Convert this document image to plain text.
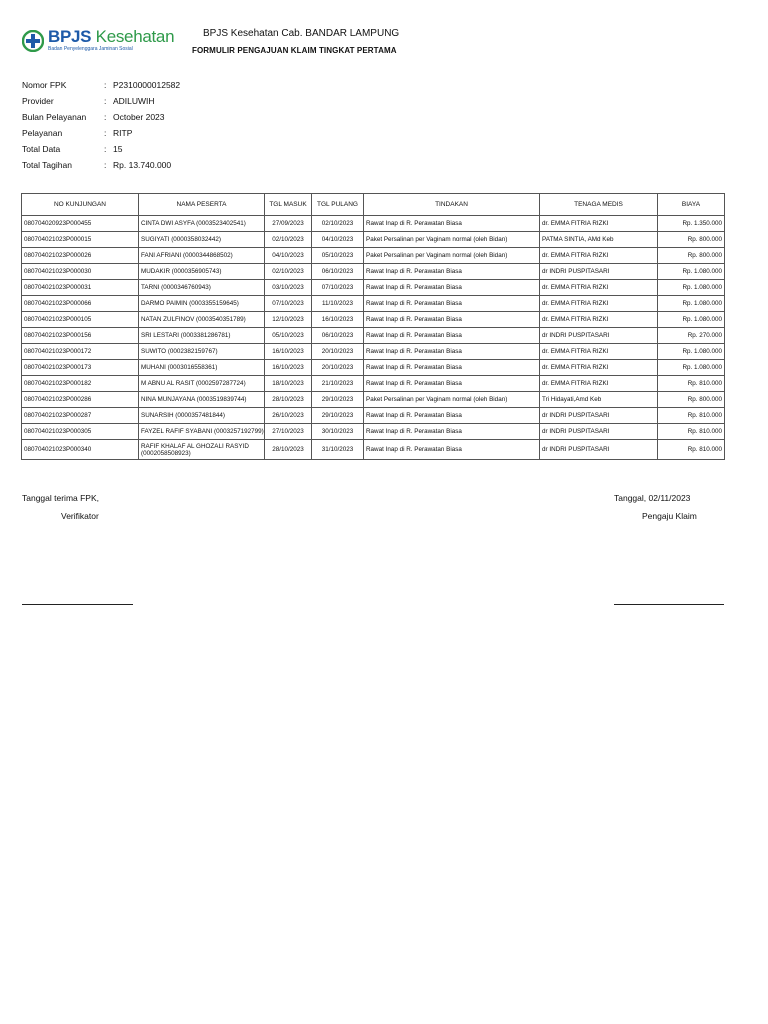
BPJS Kesehatan
Badan Penyelenggara Jaminan Sosial
BPJS Kesehatan Cab. BANDAR LAMPUNG
FORMULIR PENGAJUAN KLAIM TINGKAT PERTAMA
Nomor FPK	: P2310000012582
Provider	: ADILUWIH
Bulan Pelayanan : October 2023
Pelayanan	: RITP
Total Data	: 15
Total Tagihan	: Rp. 13.740.000
NO KUNJUNGAN	NAMA PESERTA	TGL MASUK	TGL PULANG	TINDAKAN	TENAGA MEDIS	BIAYA
080704020923P000455	CINTA DWI ASYFA (0003523402541)	27/09/2023	02/10/2023	Rawat Inap di R. Perawatan Biasa	dr. EMMA FITRIA RIZKI	Rp. 1.350.000
080704021023P000015	SUGIYATI (0000358032442)	02/10/2023	04/10/2023	Paket Persalinan per Vaginam normal (oleh Bidan)	PATMA SINTIA, AMd Keb	Rp. 800.000
080704021023P000026	FANI AFRIANI (0000344868502)	04/10/2023	05/10/2023	Paket Persalinan per Vaginam normal (oleh Bidan)	dr. EMMA FITRIA RIZKI	Rp. 800.000
080704021023P000030	MUDAKIR (0000356905743)	02/10/2023	06/10/2023	Rawat Inap di R. Perawatan Biasa	dr INDRI PUSPITASARI	Rp. 1.080.000
080704021023P000031	TARNI (0000346760943)	03/10/2023	07/10/2023	Rawat Inap di R. Perawatan Biasa	dr. EMMA FITRIA RIZKI	Rp. 1.080.000
080704021023P000066	DARMO PAIMIN (0003355159645)	07/10/2023	11/10/2023	Rawat Inap di R. Perawatan Biasa	dr. EMMA FITRIA RIZKI	Rp. 1.080.000
080704021023P000105	NATAN ZULFINOV (0003540351789)	12/10/2023	16/10/2023	Rawat Inap di R. Perawatan Biasa	dr. EMMA FITRIA RIZKI	Rp. 1.080.000
080704021023P000156	SRI LESTARI (0003381286781)	05/10/2023	06/10/2023	Rawat Inap di R. Perawatan Biasa	dr INDRI PUSPITASARI	Rp. 270.000
080704021023P000172	SUWITO (0002382159767)	16/10/2023	20/10/2023	Rawat Inap di R. Perawatan Biasa	dr. EMMA FITRIA RIZKI	Rp. 1.080.000
080704021023P000173	MUHANI (0003016558361)	16/10/2023	20/10/2023	Rawat Inap di R. Perawatan Biasa	dr. EMMA FITRIA RIZKI	Rp. 1.080.000
080704021023P000182	M ABNU AL RASIT (0002597287724)	18/10/2023	21/10/2023	Rawat Inap di R. Perawatan Biasa	dr. EMMA FITRIA RIZKI	Rp. 810.000
080704021023P000286	NINA MUNJAYANA (0003519839744)	28/10/2023	29/10/2023	Paket Persalinan per Vaginam normal (oleh Bidan)	Tri Hidayati,Amd Keb	Rp. 800.000
080704021023P000287	SUNARSIH (0000357481844)	26/10/2023	29/10/2023	Rawat Inap di R. Perawatan Biasa	dr INDRI PUSPITASARI	Rp. 810.000
080704021023P000305	FAYZEL RAFIF SYABANI (0003257192799)	27/10/2023	30/10/2023	Rawat Inap di R. Perawatan Biasa	dr INDRI PUSPITASARI	Rp. 810.000
080704021023P000340	RAFIF KHALAF AL GHOZALI RASYID (0002058508923)	28/10/2023	31/10/2023	Rawat Inap di R. Perawatan Biasa	dr INDRI PUSPITASARI	Rp. 810.000
Tanggal terima FPK,
Verifikator
Tanggal, 02/11/2023
Pengaju Klaim
